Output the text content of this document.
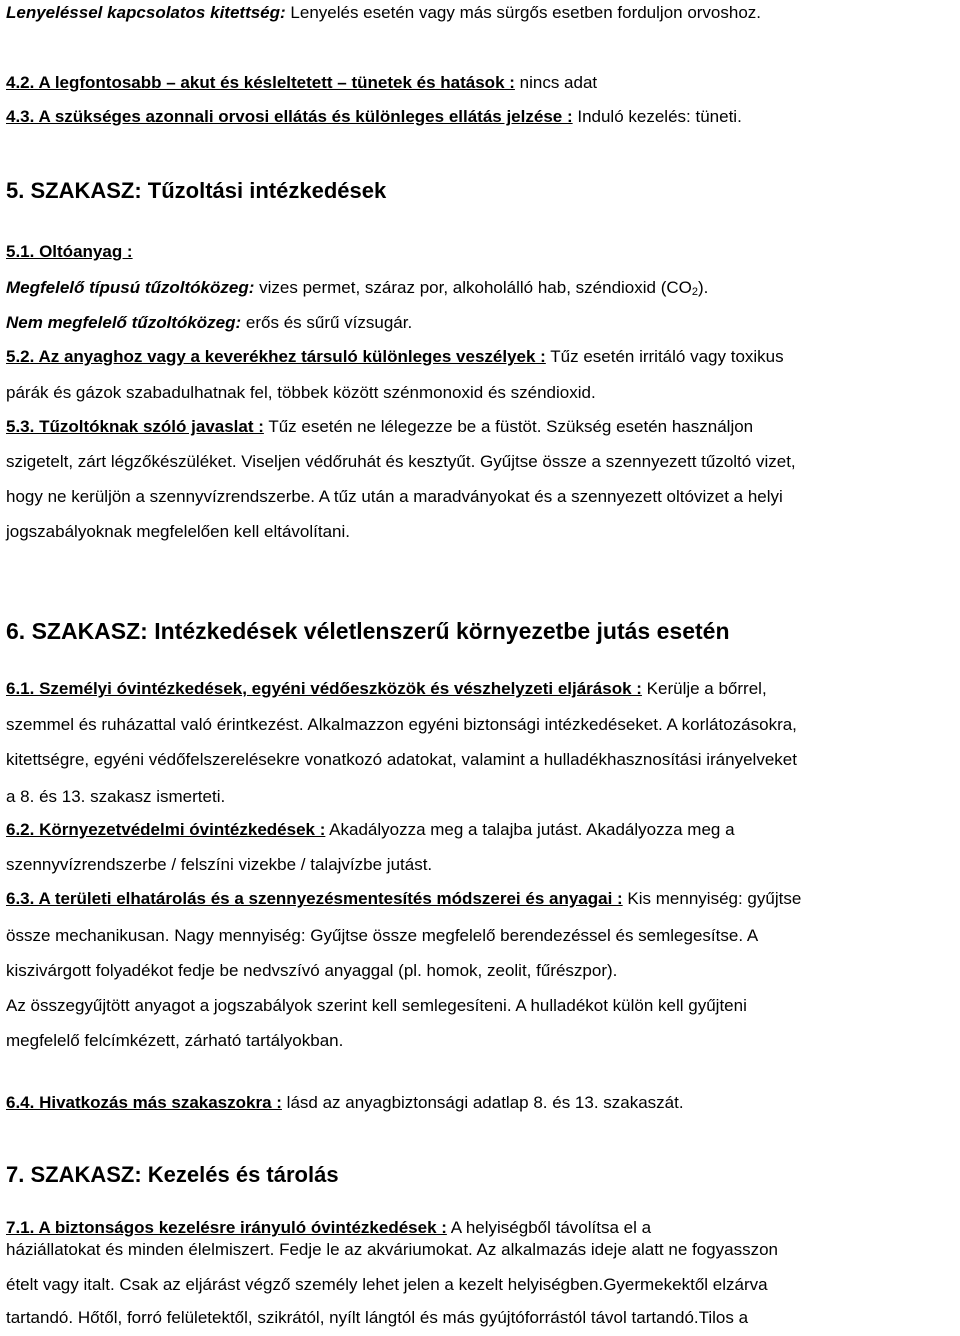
Lenyeléssel kapcsolatos kitettség: Lenyelés esetén vagy más sürgős esetben forduljon orvoshoz.
4.2. A legfontosabb – akut és késleltetett – tünetek és hatások : nincs adat
4.3. A szükséges azonnali orvosi ellátás és különleges ellátás jelzése : Induló kezelés: tüneti.
5. SZAKASZ: Tűzoltási intézkedések
5.1. Oltóanyag :
Megfelelő típusú tűzoltóközeg: vizes permet, száraz por, alkoholálló hab, széndioxid $(CO_2)$.
Nem megfelelő tűzoltóközeg: erős és sűrű vízsugár.
5.2. Az anyaghoz vagy a keverékhez társuló különleges veszélyek : Tűz esetén irritáló vagy toxikus
párák és gázok szabadulhatnak fel, többek között szénmonoxid és széndioxid.
5.3. Tűzoltóknak szóló javaslat : Tűz esetén ne lélegezze be a füstöt. Szükség esetén használjon
szigetelt, zárt légzőkészüléket. Viseljen védőruhát és kesztyűt. Gyűjtse össze a szennyezett tűzoltó vizet,
hogy ne kerüljön a szennyvízrendszerbe. A tűz után a maradványokat és a szennyezett oltóvizet a helyi
jogszabályoknak megfelelően kell eltávolítani.
6. SZAKASZ: Intézkedések véletlenszerű környezetbe jutás esetén
6.1. Személyi óvintézkedések, egyéni védőeszközök és vészhelyzeti eljárások : Kerülje a bőrrel,
szemmel és ruházattal való érintkezést. Alkalmazzon egyéni biztonsági intézkedéseket. A korlátozásokra,
kitettségre, egyéni védőfelszerelésekre vonatkozó adatokat, valamint a hulladékhasznosítási irányelveket
a 8. és 13. szakasz ismerteti.
6.2. Környezetvédelmi óvintézkedések : Akadályozza meg a talajba jutást. Akadályozza meg a
szennyvízrendszerbe / felszíni vizekbe / talajvízbe jutást.
6.3. A területi elhatárolás és a szennyezésmentesítés módszerei és anyagai : Kis mennyiség: gyűjtse
össze mechanikusan. Nagy mennyiség: Gyűjtse össze megfelelő berendezéssel és semlegesítse. A
kiszivárgott folyadékot fedje be nedvszívó anyaggal (pl. homok, zeolit, fűrészpor).
Az összegyűjtött anyagot a jogszabályok szerint kell semlegesíteni. A hulladékot külön kell gyűjteni
megfelelő felcímkézett, zárható tartályokban.
6.4. Hivatkozás más szakaszokra : lásd az anyagbiztonsági adatlap 8. és 13. szakaszát.
7. SZAKASZ: Kezelés és tárolás
7.1. A biztonságos kezelésre irányuló óvintézkedések : A helyiségből távolítsa el a
háziállatokat és minden élelmiszert. Fedje le az akváriumokat. Az alkalmazás ideje alatt ne fogyasszon
ételt vagy italt. Csak az eljárást végző személy lehet jelen a kezelt helyiségben.Gyermekektől elzárva
tartandó. Hőtől, forró felületektől, szikrától, nyílt lángtól és más gyújtóforrástól távol tartandó.Tilos a
